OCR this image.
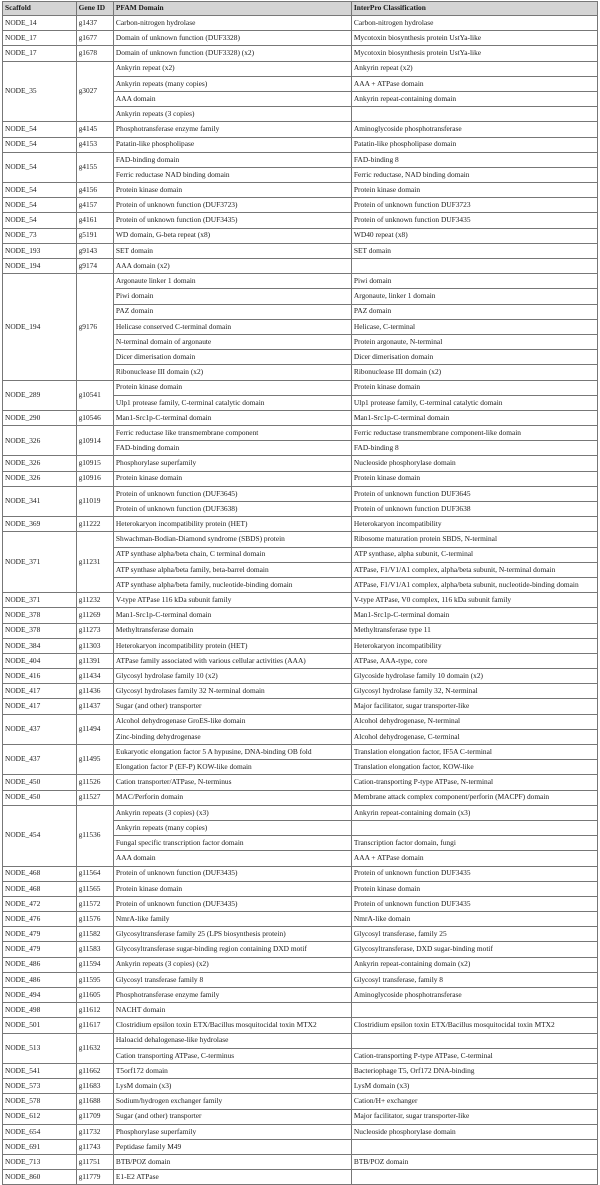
Scaffold	Gene ID	PFAM Domain	InterPro Classification
NODE_14	g1437	Carbon-nitrogen hydrolase	Carbon-nitrogen hydrolase
NODE_17	g1677	Domain of unknown function (DUF3328)	Mycotoxin biosynthesis protein UstYa-like
NODE_17	g1678	Domain of unknown function (DUF3328) (x2)	Mycotoxin biosynthesis protein UstYa-like
NODE_35	g3027	Ankyrin repeat (x2)	Ankyrin repeat (x2)
		Ankyrin repeats (many copies)	AAA + ATPase domain
		AAA domain	Ankyrin repeat-containing domain
		Ankyrin repeats (3 copies)	
NODE_54	g4145	Phosphotransferase enzyme family	Aminoglycoside phosphotransferase
NODE_54	g4153	Patatin-like phospholipase	Patatin-like phospholipase domain
NODE_54	g4155	FAD-binding domain	FAD-binding 8
		Ferric reductase NAD binding domain	Ferric reductase, NAD binding domain
NODE_54	g4156	Protein kinase domain	Protein kinase domain
NODE_54	g4157	Protein of unknown function (DUF3723)	Protein of unknown function DUF3723
NODE_54	g4161	Protein of unknown function (DUF3435)	Protein of unknown function DUF3435
NODE_73	g5191	WD domain, G-beta repeat (x8)	WD40 repeat (x8)
NODE_193	g9143	SET domain	SET domain
NODE_194	g9174	AAA domain (x2)	
NODE_194	g9176	Argonaute linker 1 domain	Piwi domain
		Piwi domain	Argonaute, linker 1 domain
		PAZ domain	PAZ domain
		Helicase conserved C-terminal domain	Helicase, C-terminal
		N-terminal domain of argonaute	Protein argonaute, N-terminal
		Dicer dimerisation domain	Dicer dimerisation domain
		Ribonuclease III domain (x2)	Ribonuclease III domain (x2)
NODE_289	g10541	Protein kinase domain	Protein kinase domain
		Ulp1 protease family, C-terminal catalytic domain	Ulp1 protease family, C-terminal catalytic domain
NODE_290	g10546	Man1-Src1p-C-terminal domain	Man1-Src1p-C-terminal domain
NODE_326	g10914	Ferric reductase like transmembrane component	Ferric reductase transmembrane component-like domain
		FAD-binding domain	FAD-binding 8
NODE_326	g10915	Phosphorylase superfamily	Nucleoside phosphorylase domain
NODE_326	g10916	Protein kinase domain	Protein kinase domain
NODE_341	g11019	Protein of unknown function (DUF3645)	Protein of unknown function DUF3645
		Protein of unknown function (DUF3638)	Protein of unknown function DUF3638
NODE_369	g11222	Heterokaryon incompatibility protein (HET)	Heterokaryon incompatibility
NODE_371	g11231	Shwachman-Bodian-Diamond syndrome (SBDS) protein	Ribosome maturation protein SBDS, N-terminal
		ATP synthase alpha/beta chain, C terminal domain	ATP synthase, alpha subunit, C-terminal
		ATP synthase alpha/beta family, beta-barrel domain	ATPase, F1/V1/A1 complex, alpha/beta subunit, N-terminal domain
		ATP synthase alpha/beta family, nucleotide-binding domain	ATPase, F1/V1/A1 complex, alpha/beta subunit, nucleotide-binding domain
NODE_371	g11232	V-type ATPase 116 kDa subunit family	V-type ATPase, V0 complex, 116 kDa subunit family
NODE_378	g11269	Man1-Src1p-C-terminal domain	Man1-Src1p-C-terminal domain
NODE_378	g11273	Methyltransferase domain	Methyltransferase type 11
NODE_384	g11303	Heterokaryon incompatibility protein (HET)	Heterokaryon incompatibility
NODE_404	g11391	ATPase family associated with various cellular activities (AAA)	ATPase, AAA-type, core
NODE_416	g11434	Glycosyl hydrolase family 10 (x2)	Glycoside hydrolase family 10 domain (x2)
NODE_417	g11436	Glycosyl hydrolases family 32 N-terminal domain	Glycosyl hydrolase family 32, N-terminal
NODE_417	g11437	Sugar (and other) transporter	Major facilitator, sugar transporter-like
NODE_437	g11494	Alcohol dehydrogenase GroES-like domain	Alcohol dehydrogenase, N-terminal
		Zinc-binding dehydrogenase	Alcohol dehydrogenase, C-terminal
NODE_437	g11495	Eukaryotic elongation factor 5 A hypusine, DNA-binding OB fold	Translation elongation factor, IF5A C-terminal
		Elongation factor P (EF-P) KOW-like domain	Translation elongation factor, KOW-like
NODE_450	g11526	Cation transporter/ATPase, N-terminus	Cation-transporting P-type ATPase, N-terminal
NODE_450	g11527	MAC/Perforin domain	Membrane attack complex component/perforin (MACPF) domain
NODE_454	g11536	Ankyrin repeats (3 copies) (x3)	Ankyrin repeat-containing domain (x3)
		Ankyrin repeats (many copies)	
		Fungal specific transcription factor domain	Transcription factor domain, fungi
		AAA domain	AAA + ATPase domain
NODE_468	g11564	Protein of unknown function (DUF3435)	Protein of unknown function DUF3435
NODE_468	g11565	Protein kinase domain	Protein kinase domain
NODE_472	g11572	Protein of unknown function (DUF3435)	Protein of unknown function DUF3435
NODE_476	g11576	NmrA-like family	NmrA-like domain
NODE_479	g11582	Glycosyltransferase family 25 (LPS biosynthesis protein)	Glycosyl transferase, family 25
NODE_479	g11583	Glycosyltransferase sugar-binding region containing DXD motif	Glycosyltransferase, DXD sugar-binding motif
NODE_486	g11594	Ankyrin repeats (3 copies) (x2)	Ankyrin repeat-containing domain (x2)
NODE_486	g11595	Glycosyl transferase family 8	Glycosyl transferase, family 8
NODE_494	g11605	Phosphotransferase enzyme family	Aminoglycoside phosphotransferase
NODE_498	g11612	NACHT domain	
NODE_501	g11617	Clostridium epsilon toxin ETX/Bacillus mosquitocidal toxin MTX2	Clostridium epsilon toxin ETX/Bacillus mosquitocidal toxin MTX2
NODE_513	g11632	Haloacid dehalogenase-like hydrolase	
		Cation transporting ATPase, C-terminus	Cation-transporting P-type ATPase, C-terminal
NODE_541	g11662	T5orf172 domain	Bacteriophage T5, Orf172 DNA-binding
NODE_573	g11683	LysM domain (x3)	LysM domain (x3)
NODE_578	g11688	Sodium/hydrogen exchanger family	Cation/H+ exchanger
NODE_612	g11709	Sugar (and other) transporter	Major facilitator, sugar transporter-like
NODE_654	g11732	Phosphorylase superfamily	Nucleoside phosphorylase domain
NODE_691	g11743	Peptidase family M49	
NODE_713	g11751	BTB/POZ domain	BTB/POZ domain
NODE_860	g11779	E1-E2 ATPase	
